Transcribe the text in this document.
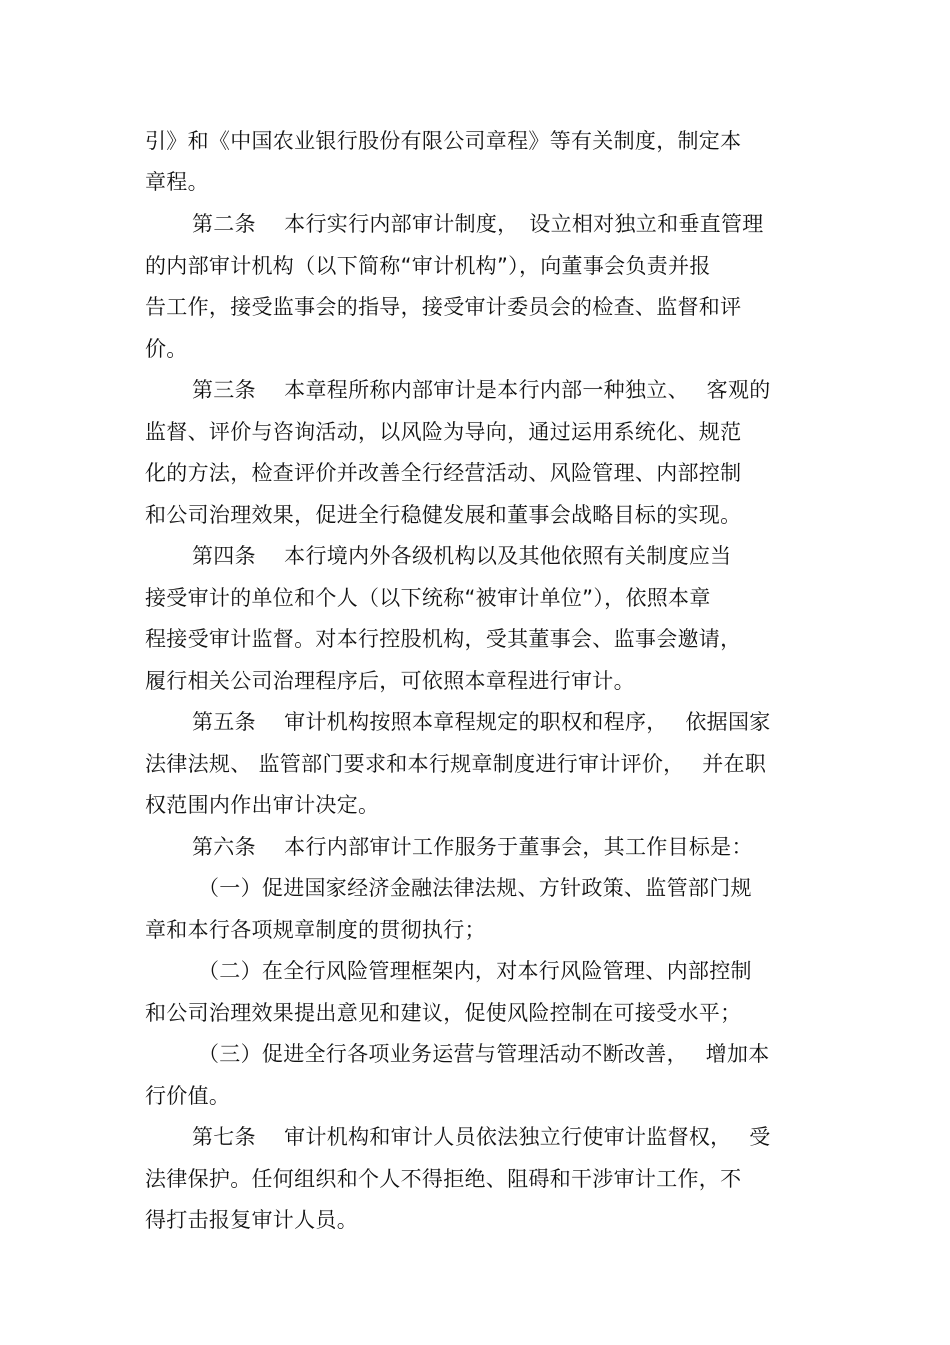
引》和《中国农业银行股份有限公司章程》等有关制度，制定本
章程。
第二条　 本行实行内部审计制度，　设立相对独立和垂直管理
的内部审计机构（以下简称“审计机构”），向董事会负责并报
告工作，接受监事会的指导，接受审计委员会的检查、监督和评
价。
第三条　 本章程所称内部审计是本行内部一种独立、　 客观的
监督、评价与咨询活动，以风险为导向，通过运用系统化、规范
化的方法，检查评价并改善全行经营活动、风险管理、内部控制
和公司治理效果，促进全行稳健发展和董事会战略目标的实现。
第四条　 本行境内外各级机构以及其他依照有关制度应当
接受审计的单位和个人（以下统称“被审计单位”），依照本章
程接受审计监督。对本行控股机构，受其董事会、监事会邀请，
履行相关公司治理程序后，可依照本章程进行审计。
第五条　 审计机构按照本章程规定的职权和程序，　 依据国家
法律法规、 监管部门要求和本行规章制度进行审计评价，　 并在职
权范围内作出审计决定。
第六条　 本行内部审计工作服务于董事会，其工作目标是：
（一）促进国家经济金融法律法规、方针政策、监管部门规
章和本行各项规章制度的贯彻执行；
（二）在全行风险管理框架内，对本行风险管理、内部控制
和公司治理效果提出意见和建议，促使风险控制在可接受水平；
（三）促进全行各项业务运营与管理活动不断改善，　 增加本
行价值。
第七条　 审计机构和审计人员依法独立行使审计监督权，　 受
法律保护。任何组织和个人不得拒绝、阻碍和干涉审计工作，不
得打击报复审计人员。
